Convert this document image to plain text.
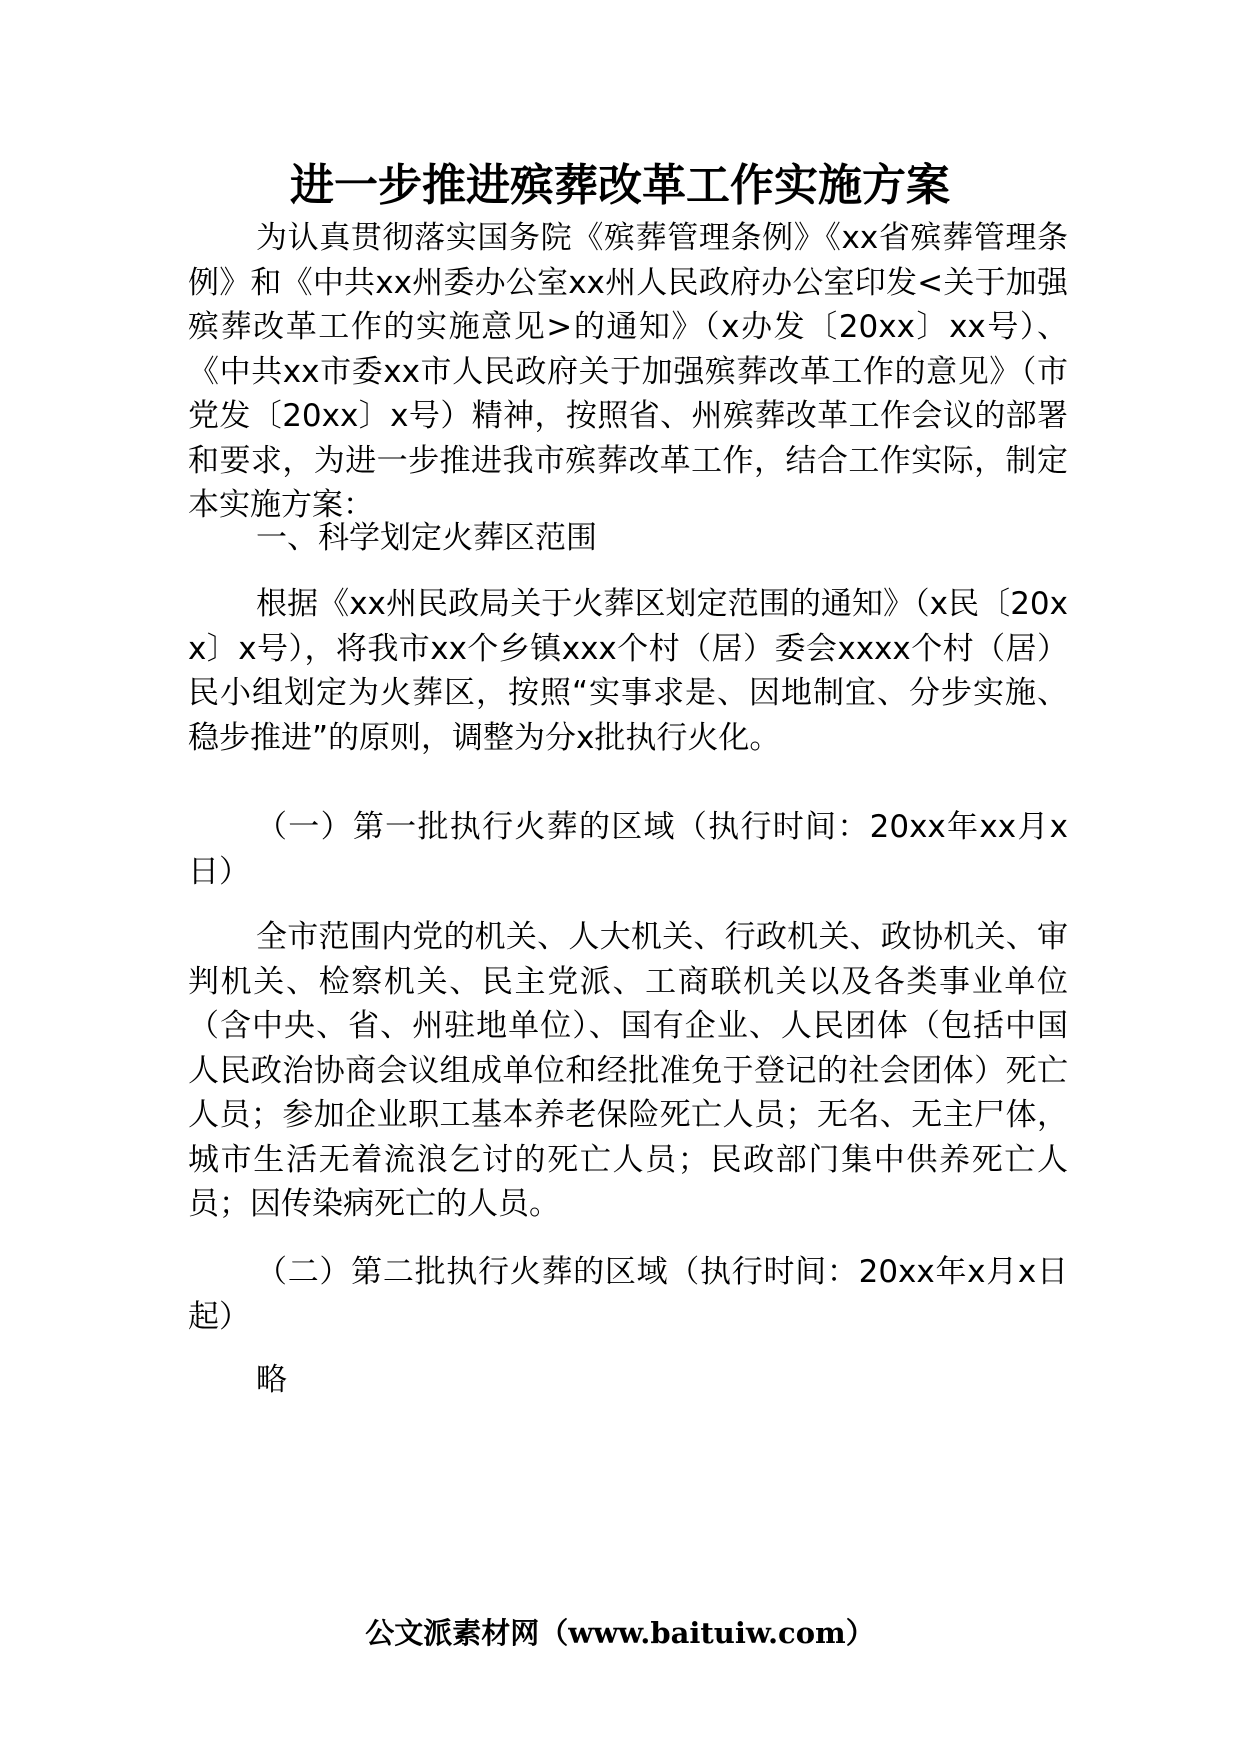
进一步推进殡葬改革工作实施方案

为认真贯彻落实国务院《殡葬管理条例》《xx省殡葬管理条例》和《中共xx州委办公室xx州人民政府办公室印发<关于加强殡葬改革工作的实施意见>的通知》（x办发〔20xx〕xx号）、《中共xx市委xx市人民政府关于加强殡葬改革工作的意见》（市党发〔20xx〕x号）精神，按照省、州殡葬改革工作会议的部署和要求，为进一步推进我市殡葬改革工作，结合工作实际，制定本实施方案：

一、科学划定火葬区范围

根据《xx州民政局关于火葬区划定范围的通知》（x民〔20xx〕x号），将我市xx个乡镇xxx个村（居）委会xxxx个村（居）民小组划定为火葬区，按照“实事求是、因地制宜、分步实施、稳步推进”的原则，调整为分x批执行火化。

（一）第一批执行火葬的区域（执行时间：20xx年xx月x日）

全市范围内党的机关、人大机关、行政机关、政协机关、审判机关、检察机关、民主党派、工商联机关以及各类事业单位（含中央、省、州驻地单位）、国有企业、人民团体（包括中国人民政治协商会议组成单位和经批准免于登记的社会团体）死亡人员；参加企业职工基本养老保险死亡人员；无名、无主尸体，城市生活无着流浪乞讨的死亡人员；民政部门集中供养死亡人员；因传染病死亡的人员。

（二）第二批执行火葬的区域（执行时间：20xx年x月x日起）

略

公文派素材网（www.baituiw.com）
